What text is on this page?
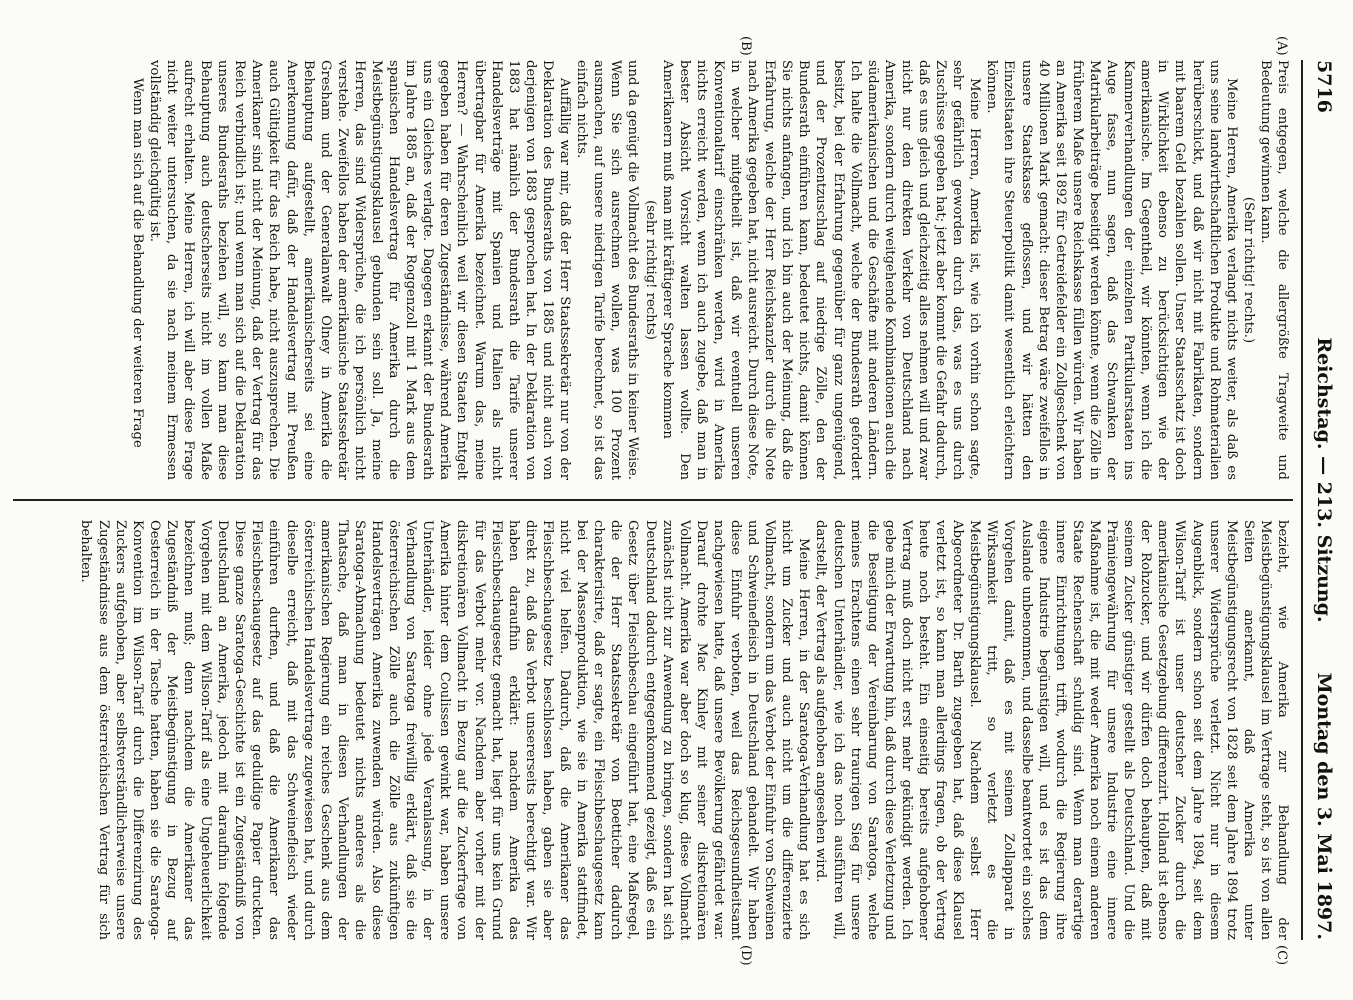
5716
Reichstag. — 213. Sitzung.
Montag den 3. Mai 1897.
(A)
(B)
(C)
(D)

Preis entgegen, welche die allergrößte Tragweite und Bedeutung gewinnen kann.

(Sehr richtig! rechts.)

Meine Herren, Amerika verlangt nichts weiter, als daß es uns seine landwirthschaftlichen Produkte und Rohmaterialien herüberschickt, und daß wir nicht mit Fabrikaten, sondern mit baarem Geld bezahlen sollen. Unser Staatsschatz ist doch in Wirklichkeit ebenso zu berücksichtigen wie der amerikanische. Im Gegentheil, wir könnten, wenn ich die Kammerverhandlungen der einzelnen Partikularstaaten ins Auge fasse, nun sagen, daß das Schwanken der Matrikularbeiträge beseitigt werden könnte, wenn die Zölle in früherem Maße unsere Reichskasse füllen würden. Wir haben an Amerika seit 1892 für Getreidefelder ein Zollgeschenk von 40 Millionen Mark gemacht: dieser Betrag wäre zweifellos in unsere Staatskasse geflossen, und wir hätten den Einzelstaaten ihre Steuerpolitik damit wesentlich erleichtern können.

Meine Herren, Amerika ist, wie ich vorhin schon sagte, sehr gefährlich geworden durch das, was es uns durch Zuschüsse gegeben hat; jetzt aber kommt die Gefahr dadurch, daß es uns gleich und gleichzeitig alles nehmen will und zwar nicht nur den direkten Verkehr von Deutschland nach Amerika, sondern durch weitgehende Kombinationen auch die südamerikanischen und die Geschäfte mit anderen Ländern. Ich halte die Vollmacht, welche der Bundesrath gefordert besitzt, bei der Erfahrung gegenüber für ganz ungenügend, und der Prozentzuschlag auf niedrige Zölle, den der Bundesrath einführen kann, bedeutet nichts, damit können Sie nichts anfangen, und ich bin auch der Meinung, daß die Erfahrung, welche der Herr Reichskanzler durch die Note nach Amerika gegeben hat, nicht ausreicht. Durch diese Note, in welcher mitgetheilt ist, daß wir eventuell unseren Konventionaltarif einschränken werden, wird in Amerika nichts erreicht werden, wenn ich auch zugebe, daß man in bester Absicht Vorsicht walten lassen wollte. Den Amerikanern muß man mit kräftigerer Sprache kommen

(sehr richtig! rechts)

und da genügt die Vollmacht des Bundesraths in keiner Weise. Wenn Sie sich ausrechnen wollen, was 100 Prozent ausmachen, auf unsere niedrigen Tarife berechnet, so ist das einfach nichts.

Auffällig war mir, daß der Herr Staatssekretär nur von der Deklaration des Bundesraths von 1885 und nicht auch von derjenigen von 1883 gesprochen hat. In der Deklaration von 1883 hat nämlich der Bundesrath die Tarife unserer Handelsverträge mit Spanien und Italien als nicht übertragbar für Amerika bezeichnet. Warum das, meine Herren? — Wahrscheinlich weil wir diesen Staaten Entgelt gegeben haben für deren Zugeständnisse, während Amerika uns ein Gleiches verlagte. Dagegen erkannt der Bundesrath im Jahre 1885 an, daß der Roggenzoll mit 1 Mark aus dem spanischen Handelsvertrag für Amerika durch die Meistbegünstigungsklausel gebunden sein soll. Ja, meine Herren, das sind Widersprüche, die ich persönlich nicht verstehe. Zweifellos haben der amerikanische Staatssekretär Gresham und der Generalanwalt Olney in Amerika die Behauptung aufgestellt, amerikanischerseits sei eine Anerkennung dafür, daß der Handelsvertrag mit Preußen auch Gültigkeit für das Reich habe, nicht auszusprechen. Die Amerikaner sind nicht der Meinung, daß der Vertrag für das Reich verbindlich ist; und wenn man sich auf die Deklaration unseres Bundesraths beziehen will, so kann man diese Behauptung auch deutscherseits nicht im vollen Maße aufrecht erhalten. Meine Herren, ich will aber diese Frage nicht weiter untersuchen, da sie nach meinem Ermessen vollständig gleichgültig ist.

Wenn man sich auf die Behandlung der weiteren Frage

bezieht, wie Amerika zur Behandlung der Meistbegünstigungsklausel im Vertrage steht, so ist von allen Seiten anerkannt, daß Amerika unter Meistbegünstigungsrecht von 1828 seit dem Jahre 1894 trotz unserer Widersprüche verletzt. Nicht nur in diesem Augenblick, sondern schon seit dem Jahre 1894, seit dem Wilson-Tarif ist unser deutscher Zucker durch die amerikanische Gesetzgebung differenzirt. Holland ist ebenso der Rohzucker, und wir dürfen doch behaupten, daß mit seinem Zucker günstiger gestellt als Deutschland. Und die Prämiengewährung für unsere Industrie eine innere Maßnahme ist, die mit weder Amerika noch einem anderen Staate Rechenschaft schuldig sind. Wenn man derartige innere Einrichtungen trifft, wodurch die Regierung ihre eigene Industrie begünstigen will, und es ist das dem Auslande unbenommen, und dasselbe beantwortet ein solches Vorgehen damit, daß es mit seinem Zollapparat in Wirksamkeit tritt, so verletzt es die Meistbegünstigungsklausel. Nachdem selbst Herr Abgeordneter Dr. Barth zugegeben hat, daß diese Klausel verletzt ist, so kann man allerdings fragen, ob der Vertrag heute noch besteht. Ein einseitig bereits aufgehobener Vertrag muß doch nicht erst mehr gekündigt werden. Ich gebe mich der Erwartung hin, daß durch diese Verletzung und die Beseitigung der Vereinbarung von Saratoga, welche meines Erachtens einen sehr traurigen Sieg für unsere deutschen Unterhändler, wie ich das noch ausführen will, darstellt, der Vertrag als aufgehoben angesehen wird.

Meine Herren, in der Saratoga-Verhandlung hat es sich nicht um Zucker und auch nicht um die differenzierte Vollmacht, sondern um das Verbot der Einfuhr von Schweinen und Schweinefleisch in Deutschland gehandelt. Wir haben diese Einfuhr verboten, weil das Reichsgesundheitsamt nachgewiesen hatte, daß unsere Bevölkerung gefährdet war. Darauf drohte Mac Kinley mit seiner diskretionären Vollmacht. Amerika war aber doch so klug, diese Vollmacht zunächst nicht zur Anwendung zu bringen, sondern hat sich Deutschland dadurch entgegenkommend gezeigt, daß es ein Gesetz über Fleischbeschau eingeführt hat, eine Maßregel, die der Herr Staatssekretär von Boetticher dadurch charakterisirte, daß er sagte, ein Fleischbeschaugesetz kam bei der Massenproduktion, wie sie in Amerika stattfindet, nicht viel helfen. Dadurch, daß die Amerikaner das Fleischbeschaugesetz beschlossen haben, gaben sie aber direkt zu, daß das Verbot unsererseits berechtigt war. Wir haben daraufhin erklärt: nachdem Amerika das Fleischbeschaugesetz gemacht hat, liegt für uns kein Grund für das Verbot mehr vor. Nachdem aber vorher mit der diskretionären Vollmacht in Bezug auf die Zuckerfrage von Amerika hinter dem Coulissen gewinkt war, haben unsere Unterhändler, leider ohne jede Veranlassung, in der Verhandlung von Saratoga freiwillig erklärt, daß sie die österreichischen Zölle auch die Zölle aus zukünftigen Handelsverträgen Amerika zuwenden würden. Also diese Saratoga-Abmachung bedeutet nichts anderes als die Thatsache, daß man in diesen Verhandlungen der amerikanischen Regierung ein reiches Geschenk aus dem österreichischen Handelsvertrage zugewiesen hat, und durch dieselbe erreicht, daß mit das Schweinefleisch wieder einführen durften, und daß die Amerikaner das Fleischbeschaugesetz auf das geduldige Papier druckten. Diese ganze Saratoga-Geschichte ist ein Zugeständniß von Deutschland an Amerika, jedoch mit daraufhin folgende Vorgehen mit dem Wilson-Tarif als eine Ungeheuerlichkeit bezeichnen muß; denn nachdem die Amerikaner das Zugeständniß der Meistbegünstigung in Bezug auf Oesterreich in der Tasche hatten, haben sie die Saratoga-Konvention im Wilson-Tarif durch die Differenzirung des Zuckers aufgehoben, aber selbstverständlicherweise unsere Zugeständnisse aus dem österreichischen Vertrag für sich behalten.
